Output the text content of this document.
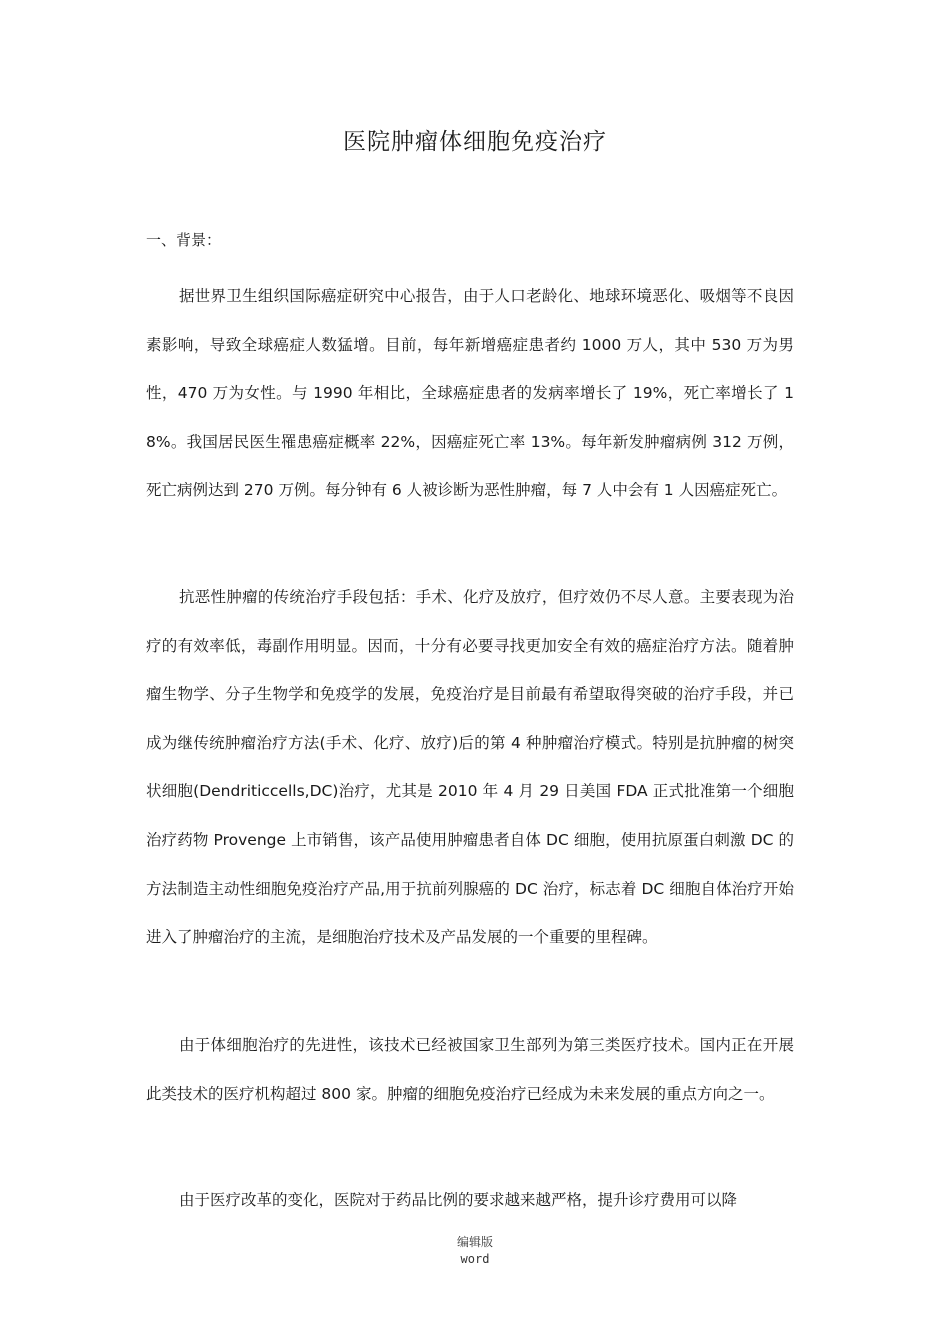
医院肿瘤体细胞免疫治疗
一、背景：

据世界卫生组织国际癌症研究中心报告，由于人口老龄化、地球环境恶化、吸烟等不良因素影响，导致全球癌症人数猛增。目前，每年新增癌症患者约 1000 万人，其中 530 万为男性，470 万为女性。与 1990 年相比，全球癌症患者的发病率增长了 19%，死亡率增长了 18%。我国居民医生罹患癌症概率 22%，因癌症死亡率 13%。每年新发肿瘤病例 312 万例，死亡病例达到 270 万例。每分钟有 6 人被诊断为恶性肿瘤，每 7 人中会有 1 人因癌症死亡。

抗恶性肿瘤的传统治疗手段包括：手术、化疗及放疗，但疗效仍不尽人意。主要表现为治疗的有效率低，毒副作用明显。因而，十分有必要寻找更加安全有效的癌症治疗方法。随着肿瘤生物学、分子生物学和免疫学的发展，免疫治疗是目前最有希望取得突破的治疗手段，并已成为继传统肿瘤治疗方法(手术、化疗、放疗)后的第 4 种肿瘤治疗模式。特别是抗肿瘤的树突状细胞(Dendriticcells,DC)治疗，尤其是 2010 年 4 月 29 日美国 FDA 正式批准第一个细胞治疗药物 Provenge 上市销售，该产品使用肿瘤患者自体 DC 细胞，使用抗原蛋白刺激 DC 的方法制造主动性细胞免疫治疗产品,用于抗前列腺癌的 DC 治疗，标志着 DC 细胞自体治疗开始进入了肿瘤治疗的主流，是细胞治疗技术及产品发展的一个重要的里程碑。

由于体细胞治疗的先进性，该技术已经被国家卫生部列为第三类医疗技术。国内正在开展此类技术的医疗机构超过 800 家。肿瘤的细胞免疫治疗已经成为未来发展的重点方向之一。

由于医疗改革的变化，医院对于药品比例的要求越来越严格，提升诊疗费用可以降

编辑版
word
